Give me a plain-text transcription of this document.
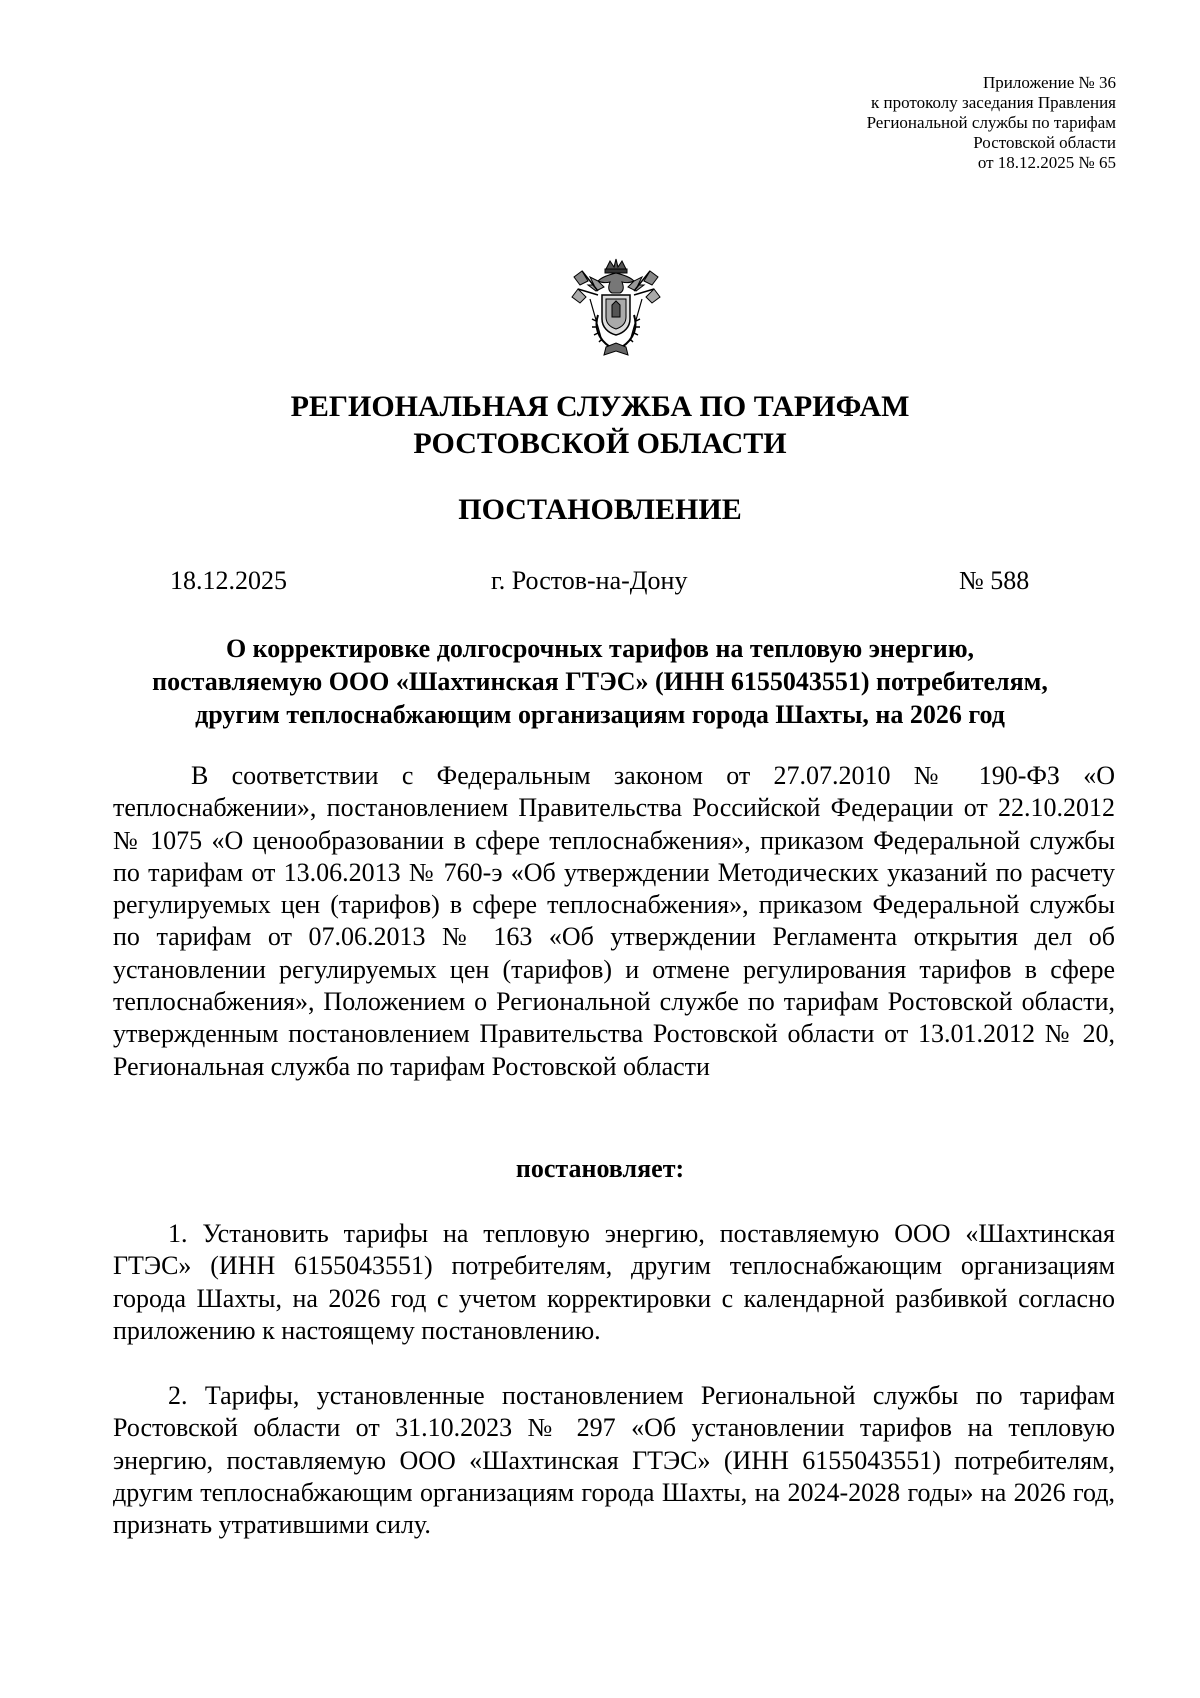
Приложение № 36
к протоколу заседания Правления
Региональной службы по тарифам
Ростовской области
от 18.12.2025 № 65
РЕГИОНАЛЬНАЯ СЛУЖБА ПО ТАРИФАМ
РОСТОВСКОЙ ОБЛАСТИ
ПОСТАНОВЛЕНИЕ
18.12.2025	г. Ростов-на-Дону	№ 588
О корректировке долгосрочных тарифов на тепловую энергию,
поставляемую ООО «Шахтинская ГТЭС» (ИНН 6155043551) потребителям,
другим теплоснабжающим организациям города Шахты, на 2026 год
В соответствии с Федеральным законом от 27.07.2010 № 190-ФЗ «О теплоснабжении», постановлением Правительства Российской Федерации от 22.10.2012 № 1075 «О ценообразовании в сфере теплоснабжения», приказом Федеральной службы по тарифам от 13.06.2013 № 760-э «Об утверждении Методических указаний по расчету регулируемых цен (тарифов) в сфере теплоснабжения», приказом Федеральной службы по тарифам от 07.06.2013 № 163 «Об утверждении Регламента открытия дел об установлении регулируемых цен (тарифов) и отмене регулирования тарифов в сфере теплоснабжения», Положением о Региональной службе по тарифам Ростовской области, утвержденным постановлением Правительства Ростовской области от 13.01.2012 № 20, Региональная служба по тарифам Ростовской области
постановляет:
1. Установить тарифы на тепловую энергию, поставляемую ООО «Шахтинская ГТЭС» (ИНН 6155043551) потребителям, другим теплоснабжающим организациям города Шахты, на 2026 год с учетом корректировки с календарной разбивкой согласно приложению к настоящему постановлению.
2. Тарифы, установленные постановлением Региональной службы по тарифам Ростовской области от 31.10.2023 № 297 «Об установлении тарифов на тепловую энергию, поставляемую ООО «Шахтинская ГТЭС» (ИНН 6155043551) потребителям, другим теплоснабжающим организациям города Шахты, на 2024-2028 годы» на 2026 год, признать утратившими силу.
